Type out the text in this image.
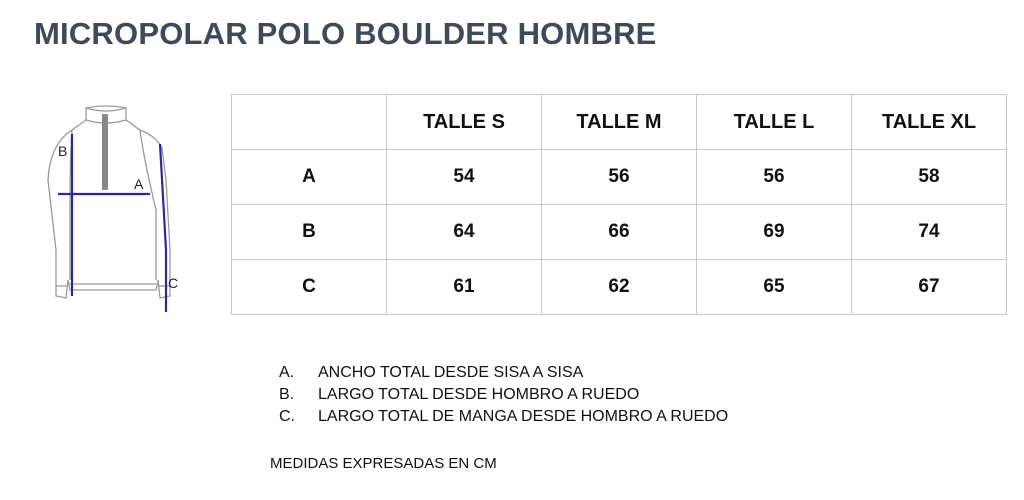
MICROPOLAR POLO BOULDER HOMBRE
B
A
C
	TALLE S	TALLE M	TALLE L	TALLE XL
A	54	56	56	58
B	64	66	69	74
C	61	62	65	67
A. ANCHO TOTAL DESDE SISA A SISA
B. LARGO TOTAL DESDE HOMBRO A RUEDO
C. LARGO TOTAL DE MANGA DESDE HOMBRO A RUEDO
MEDIDAS EXPRESADAS EN CM
